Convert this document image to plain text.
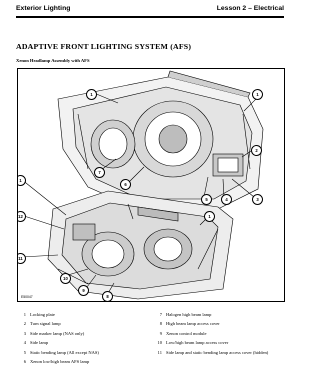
Exterior Lighting	Lesson 2 – Electrical
ADAPTIVE FRONT LIGHTING SYSTEM (AFS)
Xenon Headlamp Assembly with AFS
1	1
2
3
4
5
6
7
1
1
12
11
10
9
8
E50047
1 Locking plate
2 Turn signal lamp
3 Side marker lamp (NAS only)
4 Side lamp
5 Static bending lamp (All except NAS)
6 Xenon low/high beam AFS lamp
7 Halogen high beam lamp
8 High beam lamp access cover
9 Xenon control module
10 Low/high beam lamp access cover
11 Side lamp and static bending lamp access cover (hidden)
